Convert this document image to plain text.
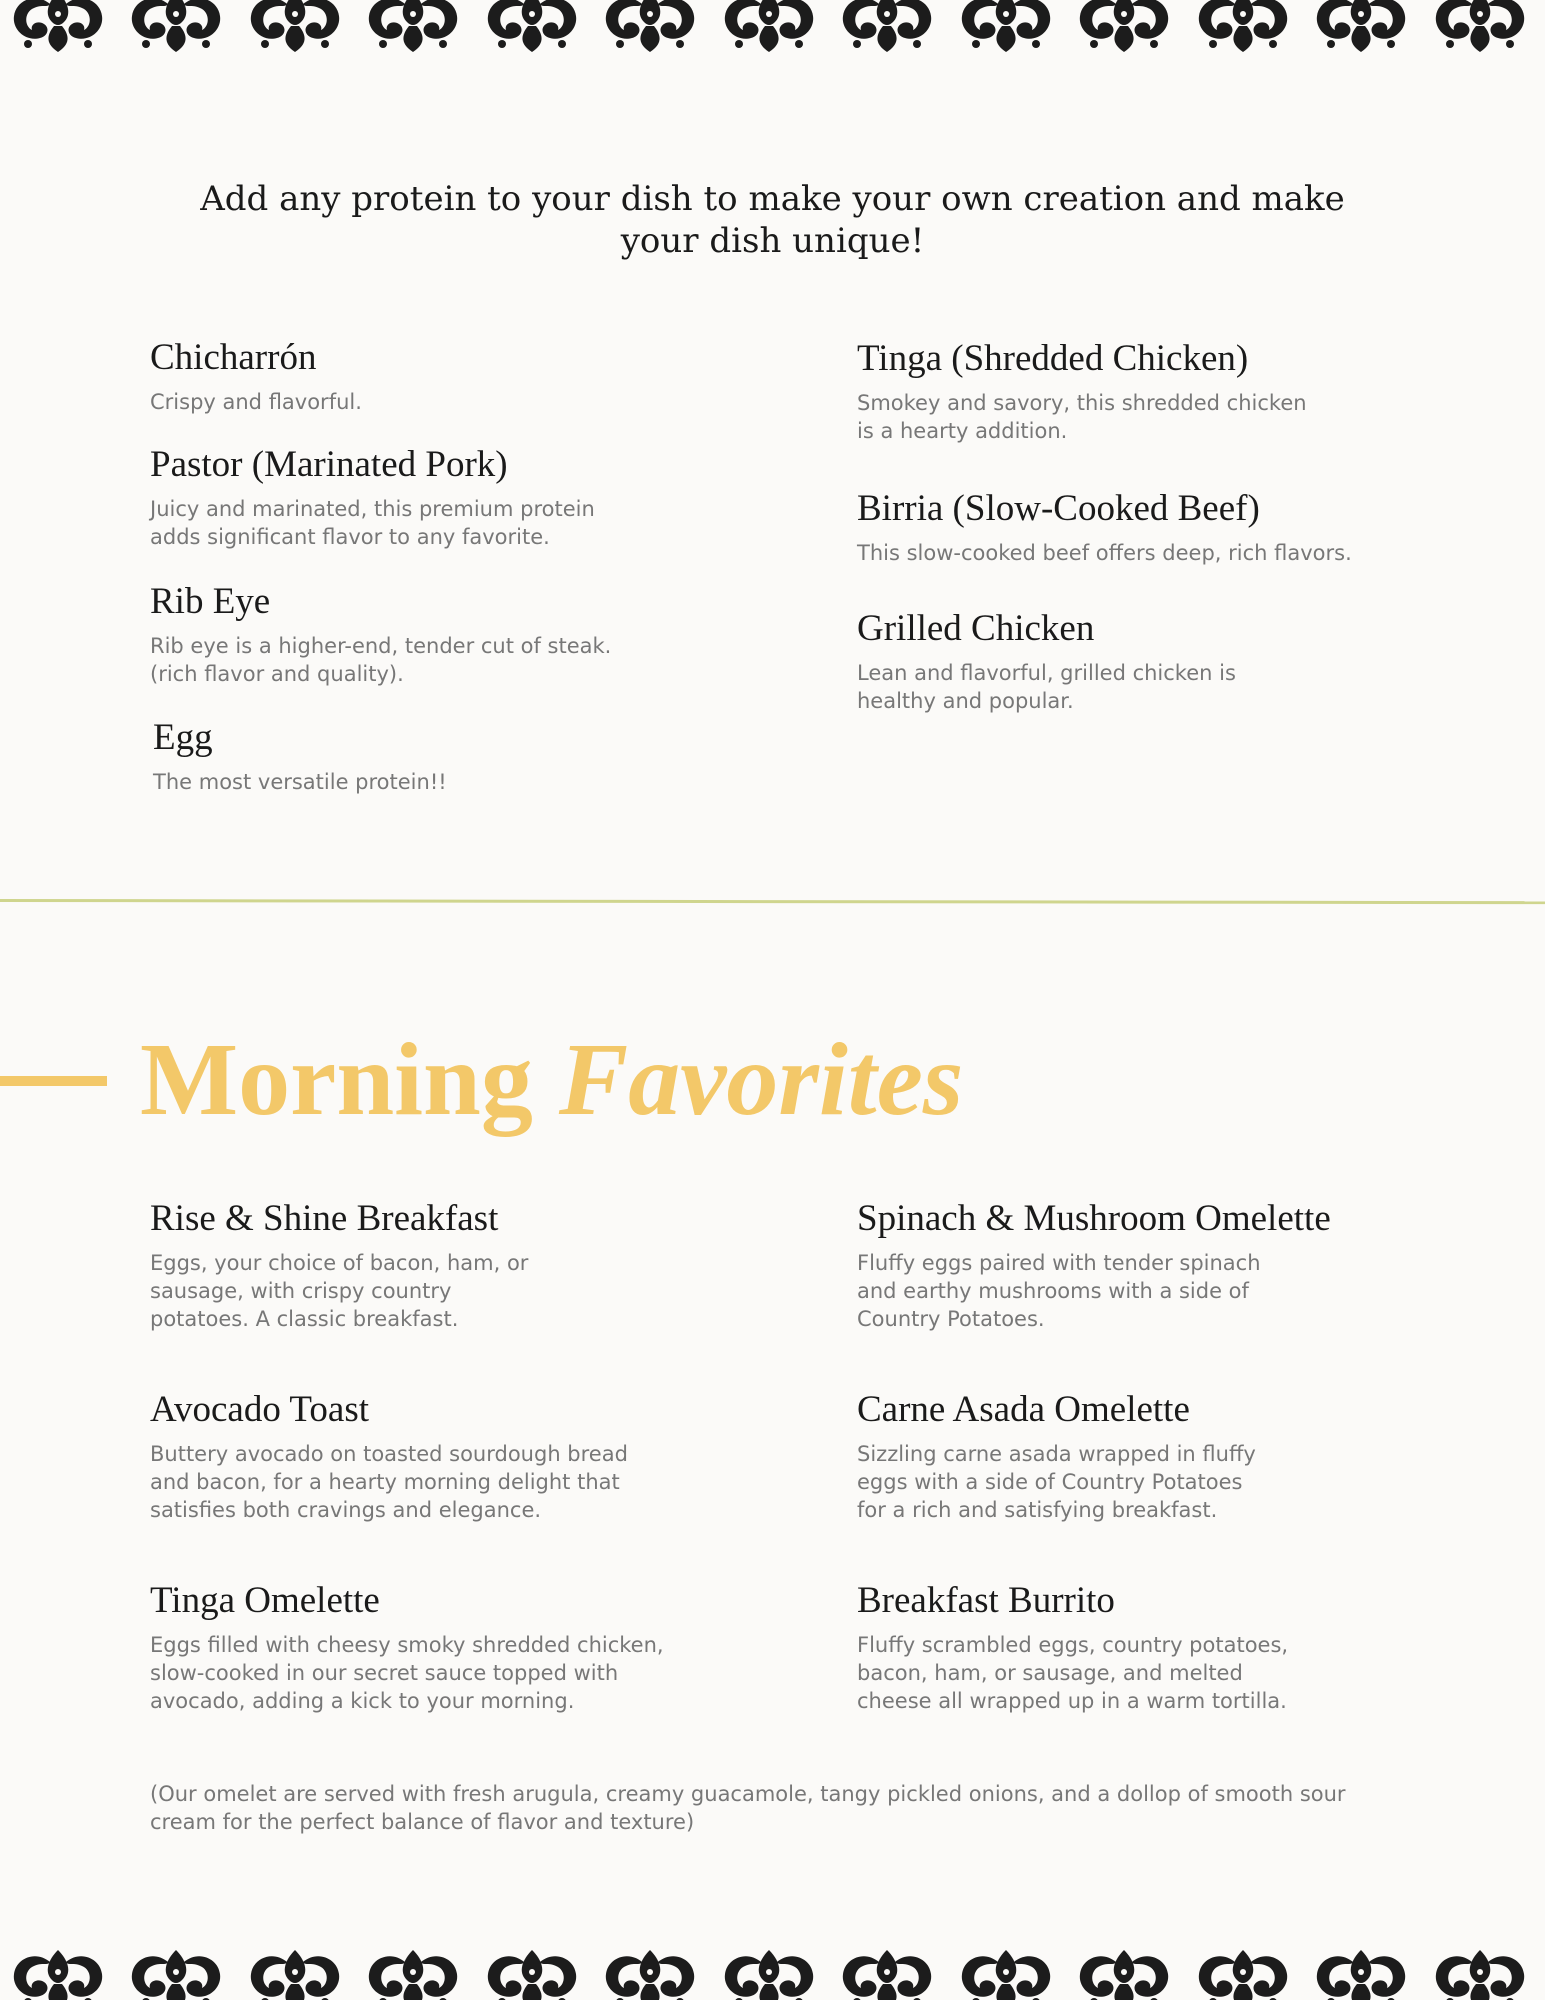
Add any protein to your dish to make your own creation and make your dish unique!
Chicharrón
Crispy and flavorful.
Pastor (Marinated Pork)
Juicy and marinated, this premium protein
adds significant flavor to any favorite.
Rib Eye
Rib eye is a higher-end, tender cut of steak.
(rich flavor and quality).
Egg
The most versatile protein!!
Tinga (Shredded Chicken)
Smokey and savory, this shredded chicken
is a hearty addition.
Birria (Slow-Cooked Beef)
This slow-cooked beef offers deep, rich flavors.
Grilled Chicken
Lean and flavorful, grilled chicken is
healthy and popular.
Morning Favorites
Rise & Shine Breakfast
Eggs, your choice of bacon, ham, or
sausage, with crispy country
potatoes. A classic breakfast.
Avocado Toast
Buttery avocado on toasted sourdough bread
and bacon, for a hearty morning delight that
satisfies both cravings and elegance.
Tinga Omelette
Eggs filled with cheesy smoky shredded chicken,
slow-cooked in our secret sauce topped with
avocado, adding a kick to your morning.
Spinach & Mushroom Omelette
Fluffy eggs paired with tender spinach
and earthy mushrooms with a side of
Country Potatoes.
Carne Asada Omelette
Sizzling carne asada wrapped in fluffy
eggs with a side of Country Potatoes
for a rich and satisfying breakfast.
Breakfast Burrito
Fluffy scrambled eggs, country potatoes,
bacon, ham, or sausage, and melted
cheese all wrapped up in a warm tortilla.
(Our omelet are served with fresh arugula, creamy guacamole, tangy pickled onions, and a dollop of smooth sour cream for the perfect balance of flavor and texture)
